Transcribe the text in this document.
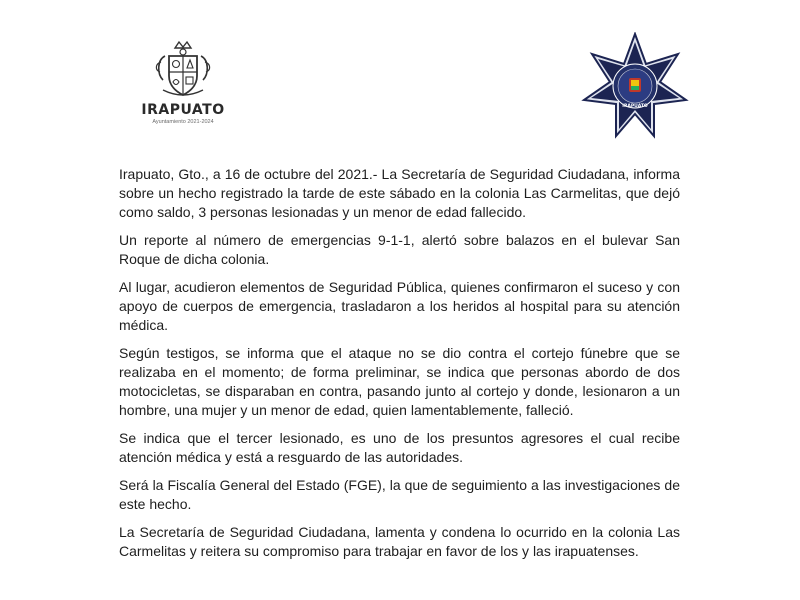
IRAPUATO
Ayuntamiento 2021-2024
IRAPUATO

Irapuato, Gto., a 16 de octubre del 2021.- La Secretaría de Seguridad Ciudadana, informa sobre un hecho registrado la tarde de este sábado en la colonia Las Carmelitas, que dejó como saldo, 3 personas lesionadas y un menor de edad fallecido.

Un reporte al número de emergencias 9-1-1, alertó sobre balazos en el bulevar San Roque de dicha colonia.

Al lugar, acudieron elementos de Seguridad Pública, quienes confirmaron el suceso y con apoyo de cuerpos de emergencia, trasladaron a los heridos al hospital para su atención médica.

Según testigos, se informa que el ataque no se dio contra el cortejo fúnebre que se realizaba en el momento; de forma preliminar, se indica que personas abordo de dos motocicletas, se disparaban en contra, pasando junto al cortejo y donde, lesionaron a un hombre, una mujer y un menor de edad, quien lamentablemente, falleció.

Se indica que el tercer lesionado, es uno de los presuntos agresores el cual recibe atención médica y está a resguardo de las autoridades.

Será la Fiscalía General del Estado (FGE), la que de seguimiento a las investigaciones de este hecho.

La Secretaría de Seguridad Ciudadana, lamenta y condena lo ocurrido en la colonia Las Carmelitas y reitera su compromiso para trabajar en favor de los y las irapuatenses.
